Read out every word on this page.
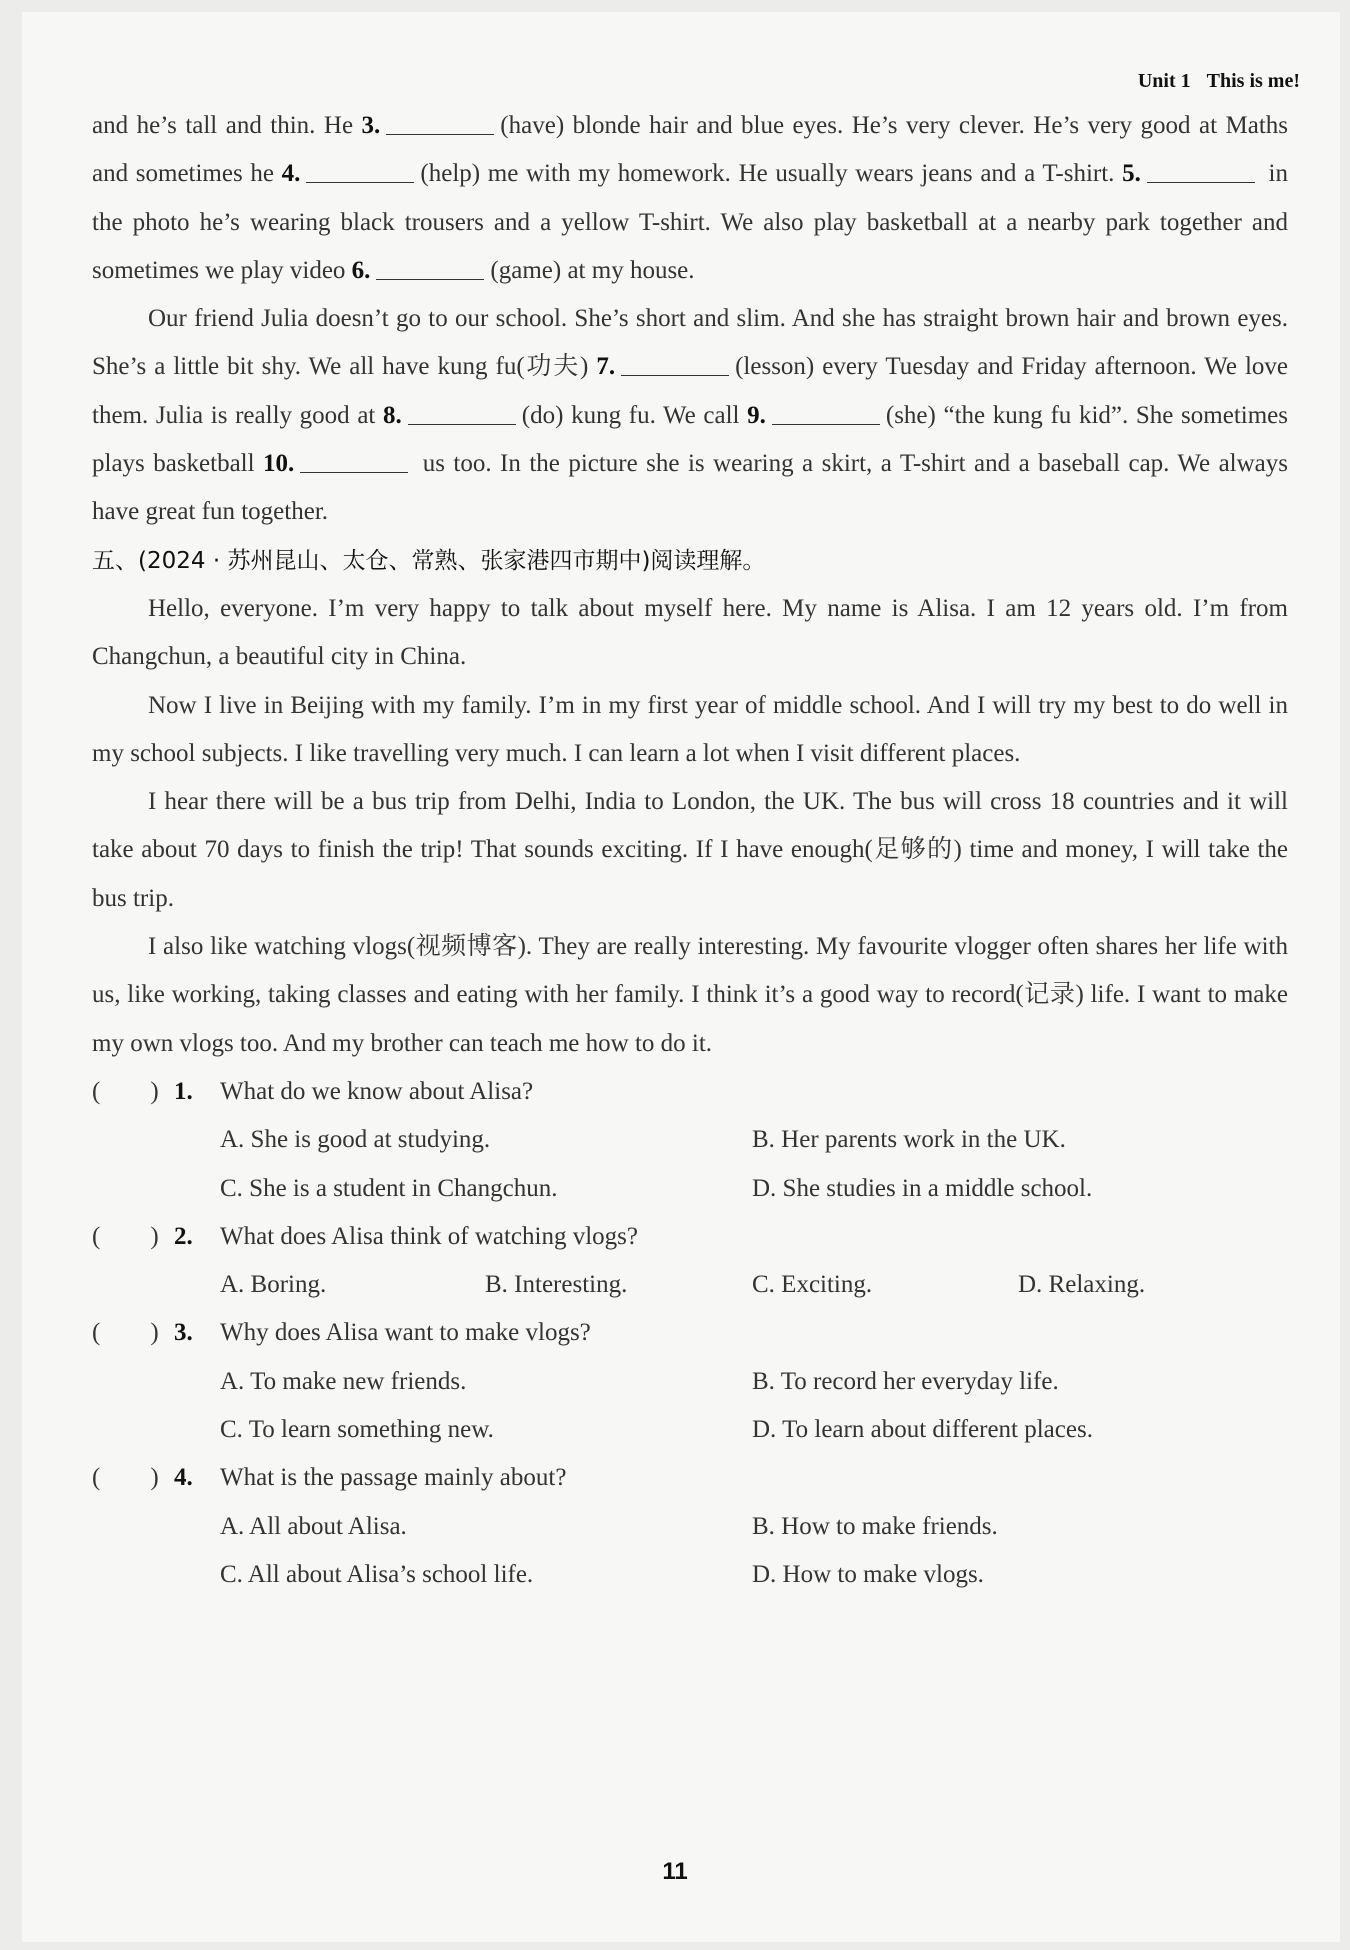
Unit 1 This is me!
and he’s tall and thin. He 3.	(have) blonde hair and blue eyes. He’s very clever. He’s very good at Maths and sometimes he 4.	(help) me with my homework. He usually wears jeans and a T-shirt. 5.	in the photo he’s wearing black trousers and a yellow T-shirt. We also play basketball at a nearby park together and sometimes we play video 6.	(game) at my house.
Our friend Julia doesn’t go to our school. She’s short and slim. And she has straight brown hair and brown eyes. She’s a little bit shy. We all have kung fu(功夫) 7.	(lesson) every Tuesday and Friday afternoon. We love them. Julia is really good at 8.	(do) kung fu. We call 9.	(she) “the kung fu kid”. She sometimes plays basketball 10.	us too. In the picture she is wearing a skirt, a T-shirt and a baseball cap. We always have great fun together.
五、(2024 · 苏州昆山、太仓、常熟、张家港四市期中)阅读理解。
Hello, everyone. I’m very happy to talk about myself here. My name is Alisa. I am 12 years old. I’m from Changchun, a beautiful city in China.
Now I live in Beijing with my family. I’m in my first year of middle school. And I will try my best to do well in my school subjects. I like travelling very much. I can learn a lot when I visit different places.
I hear there will be a bus trip from Delhi, India to London, the UK. The bus will cross 18 countries and it will take about 70 days to finish the trip! That sounds exciting. If I have enough(足够的) time and money, I will take the bus trip.
I also like watching vlogs(视频博客). They are really interesting. My favourite vlogger often shares her life with us, like working, taking classes and eating with her family. I think it’s a good way to record(记录) life. I want to make my own vlogs too. And my brother can teach me how to do it.
(　　) 1. What do we know about Alisa?
A. She is good at studying.	B. Her parents work in the UK.
C. She is a student in Changchun.	D. She studies in a middle school.
(　　) 2. What does Alisa think of watching vlogs?
A. Boring.	B. Interesting.	C. Exciting.	D. Relaxing.
(　　) 3. Why does Alisa want to make vlogs?
A. To make new friends.	B. To record her everyday life.
C. To learn something new.	D. To learn about different places.
(　　) 4. What is the passage mainly about?
A. All about Alisa.	B. How to make friends.
C. All about Alisa’s school life.	D. How to make vlogs.
11
